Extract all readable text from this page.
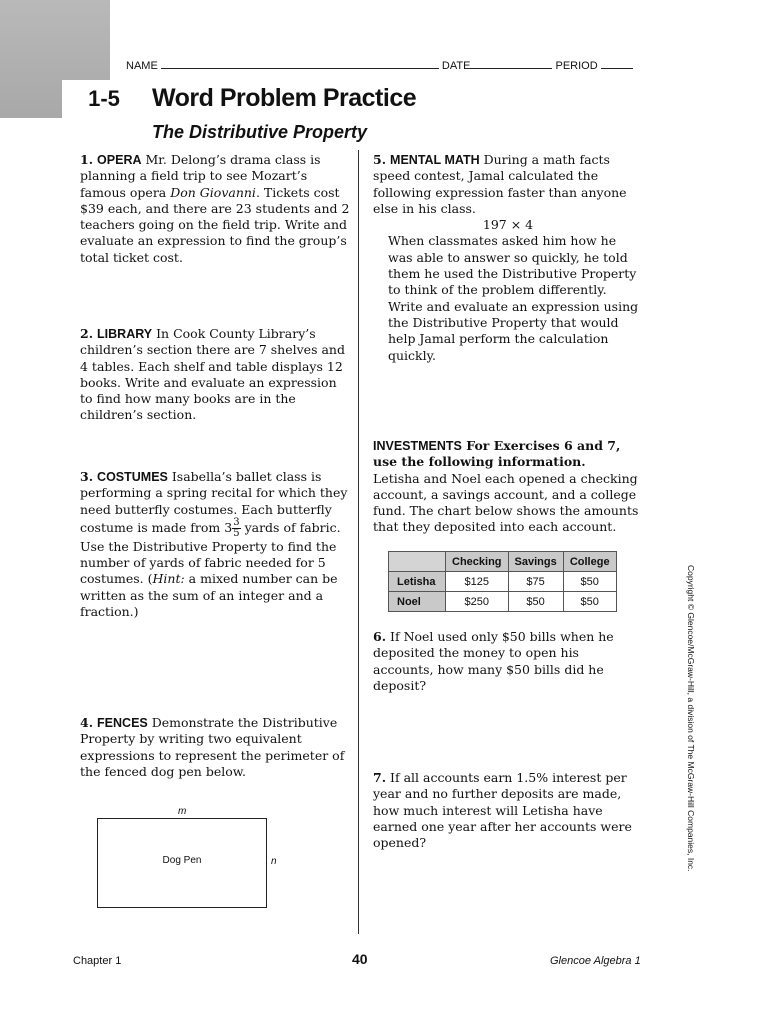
NAME	DATE	PERIOD
1-5	Word Problem Practice
The Distributive Property
1. OPERA Mr. Delong’s drama class is planning a field trip to see Mozart’s famous opera Don Giovanni. Tickets cost $39 each, and there are 23 students and 2 teachers going on the field trip. Write and evaluate an expression to find the group’s total ticket cost.
2. LIBRARY In Cook County Library’s children’s section there are 7 shelves and 4 tables. Each shelf and table displays 12 books. Write and evaluate an expression to find how many books are in the children’s section.
3. COSTUMES Isabella’s ballet class is performing a spring recital for which they need butterfly costumes. Each butterfly costume is made from $3 \frac{3}{5}$ yards of fabric. Use the Distributive Property to find the number of yards of fabric needed for 5 costumes. (Hint: a mixed number can be written as the sum of an integer and a fraction.)
4. FENCES Demonstrate the Distributive Property by writing two equivalent expressions to represent the perimeter of the fenced dog pen below.
m
Dog Pen	n
5. MENTAL MATH During a math facts speed contest, Jamal calculated the following expression faster than anyone else in his class.
197 × 4
When classmates asked him how he was able to answer so quickly, he told them he used the Distributive Property to think of the problem differently. Write and evaluate an expression using the Distributive Property that would help Jamal perform the calculation quickly.
INVESTMENTS For Exercises 6 and 7, use the following information.
Letisha and Noel each opened a checking account, a savings account, and a college fund. The chart below shows the amounts that they deposited into each account.
	Checking	Savings	College
Letisha	$125	$75	$50
Noel	$250	$50	$50
6. If Noel used only $50 bills when he deposited the money to open his accounts, how many $50 bills did he deposit?
7. If all accounts earn 1.5% interest per year and no further deposits are made, how much interest will Letisha have earned one year after her accounts were opened?	Copyright © Glencoe/McGraw-Hill, a division of The McGraw-Hill Companies, Inc.
Chapter 1	40	Glencoe Algebra 1
